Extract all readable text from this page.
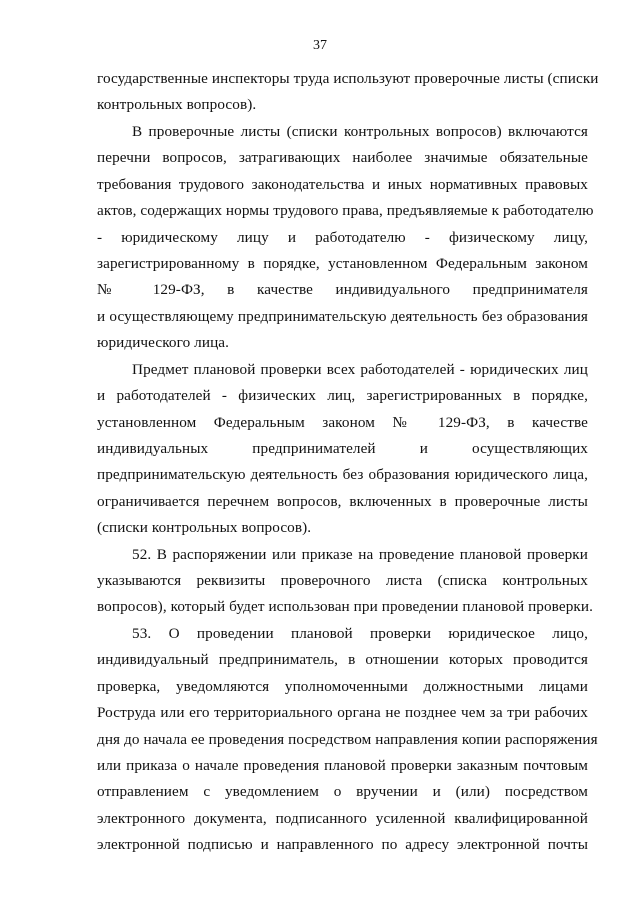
37
государственные инспекторы труда используют проверочные листы (списки
контрольных вопросов).
В проверочные листы (списки контрольных вопросов) включаются
перечни вопросов, затрагивающих наиболее значимые обязательные
требования трудового законодательства и иных нормативных правовых
актов, содержащих нормы трудового права, предъявляемые к работодателю
- юридическому лицу и работодателю - физическому лицу,
зарегистрированному в порядке, установленном Федеральным законом
№ 129-ФЗ, в качестве индивидуального предпринимателя
и осуществляющему предпринимательскую деятельность без образования
юридического лица.
Предмет плановой проверки всех работодателей - юридических лиц
и работодателей - физических лиц, зарегистрированных в порядке,
установленном Федеральным законом № 129-ФЗ, в качестве
индивидуальных предпринимателей и осуществляющих
предпринимательскую деятельность без образования юридического лица,
ограничивается перечнем вопросов, включенных в проверочные листы
(списки контрольных вопросов).
52. В распоряжении или приказе на проведение плановой проверки
указываются реквизиты проверочного листа (списка контрольных
вопросов), который будет использован при проведении плановой проверки.
53. О проведении плановой проверки юридическое лицо,
индивидуальный предприниматель, в отношении которых проводится
проверка, уведомляются уполномоченными должностными лицами
Роструда или его территориального органа не позднее чем за три рабочих
дня до начала ее проведения посредством направления копии распоряжения
или приказа о начале проведения плановой проверки заказным почтовым
отправлением с уведомлением о вручении и (или) посредством
электронного документа, подписанного усиленной квалифицированной
электронной подписью и направленного по адресу электронной почты
